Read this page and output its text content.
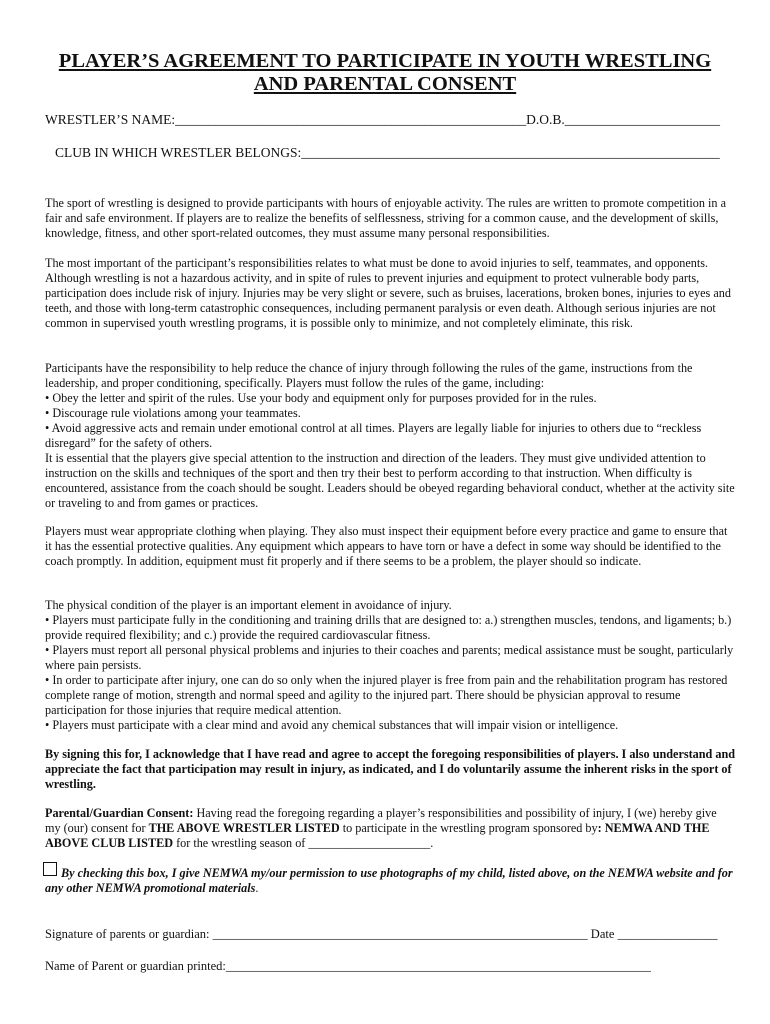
PLAYER’S AGREEMENT TO PARTICIPATE IN YOUTH WRESTLING
AND PARENTAL CONSENT
WRESTLER’S NAME:____________________________________________________D.O.B._______________________
CLUB IN WHICH WRESTLER BELONGS:______________________________________________________________

The sport of wrestling is designed to provide participants with hours of enjoyable activity. The rules are written to promote competition in a fair and safe environment. If players are to realize the benefits of selflessness, striving for a common cause, and the development of skills, knowledge, fitness, and other sport-related outcomes, they must assume many personal responsibilities.

The most important of the participant’s responsibilities relates to what must be done to avoid injuries to self, teammates, and opponents. Although wrestling is not a hazardous activity, and in spite of rules to prevent injuries and equipment to protect vulnerable body parts, participation does include risk of injury. Injuries may be very slight or severe, such as bruises, lacerations, broken bones, injuries to eyes and teeth, and those with long-term catastrophic consequences, including permanent paralysis or even death. Although serious injuries are not common in supervised youth wrestling programs, it is possible only to minimize, and not completely eliminate, this risk.

Participants have the responsibility to help reduce the chance of injury through following the rules of the game, instructions from the leadership, and proper conditioning, specifically. Players must follow the rules of the game, including:
• Obey the letter and spirit of the rules. Use your body and equipment only for purposes provided for in the rules.
• Discourage rule violations among your teammates.
• Avoid aggressive acts and remain under emotional control at all times. Players are legally liable for injuries to others due to “reckless disregard” for the safety of others.
It is essential that the players give special attention to the instruction and direction of the leaders. They must give undivided attention to instruction on the skills and techniques of the sport and then try their best to perform according to that instruction. When difficulty is encountered, assistance from the coach should be sought. Leaders should be obeyed regarding behavioral conduct, whether at the activity site or traveling to and from games or practices.

Players must wear appropriate clothing when playing. They also must inspect their equipment before every practice and game to ensure that it has the essential protective qualities. Any equipment which appears to have torn or have a defect in some way should be identified to the coach promptly. In addition, equipment must fit properly and if there seems to be a problem, the player should so indicate.

The physical condition of the player is an important element in avoidance of injury.
• Players must participate fully in the conditioning and training drills that are designed to: a.) strengthen muscles, tendons, and ligaments; b.) provide required flexibility; and c.) provide the required cardiovascular fitness.
• Players must report all personal physical problems and injuries to their coaches and parents; medical assistance must be sought, particularly where pain persists.
• In order to participate after injury, one can do so only when the injured player is free from pain and the rehabilitation program has restored complete range of motion, strength and normal speed and agility to the injured part. There should be physician approval to resume participation for those injuries that require medical attention.
• Players must participate with a clear mind and avoid any chemical substances that will impair vision or intelligence.

By signing this for, I acknowledge that I have read and agree to accept the foregoing responsibilities of players. I also understand and appreciate the fact that participation may result in injury, as indicated, and I do voluntarily assume the inherent risks in the sport of wrestling.

Parental/Guardian Consent: Having read the foregoing regarding a player’s responsibilities and possibility of injury, I (we) hereby give my (our) consent for THE ABOVE WRESTLER LISTED to participate in the wrestling program sponsored by: NEMWA AND THE ABOVE CLUB LISTED for the wrestling season of ____________________.

By checking this box, I give NEMWA my/our permission to use photographs of my child, listed above, on the NEMWA website and for any other NEMWA promotional materials.
Signature of parents or guardian: ____________________________________________________________ Date ________________
Name of Parent or guardian printed:____________________________________________________________________
